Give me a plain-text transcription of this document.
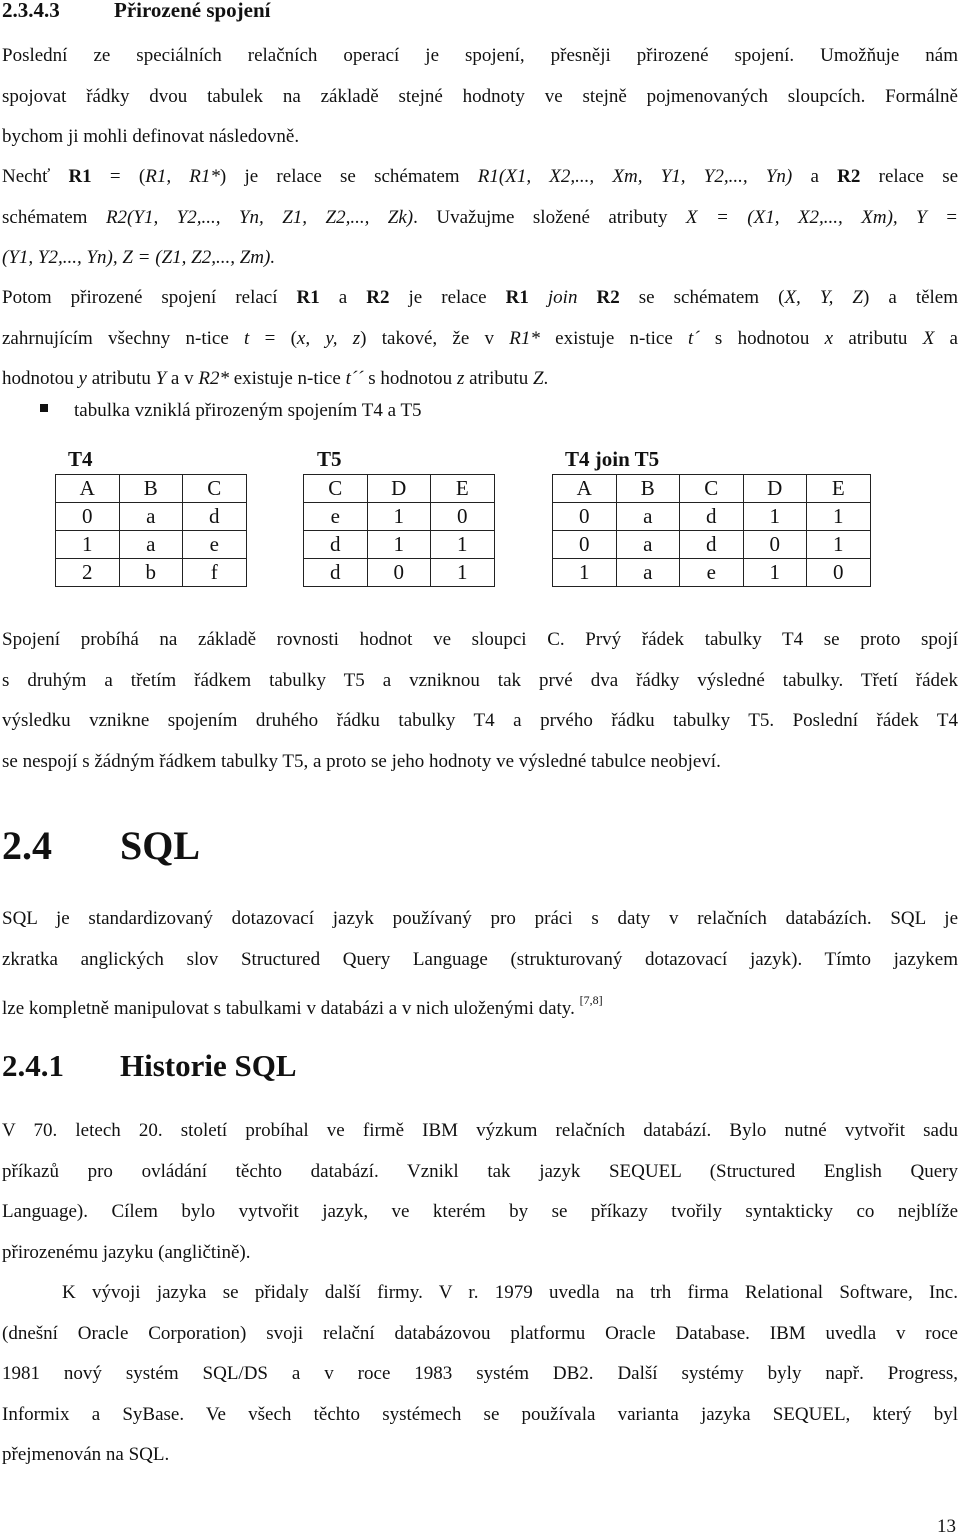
2.3.4.3	Přirozené spojení

Poslední ze speciálních relačních operací je spojení, přesněji přirozené spojení. Umožňuje nám
spojovat řádky dvou tabulek na základě stejné hodnoty ve stejně pojmenovaných sloupcích. Formálně
bychom ji mohli definovat následovně.

Nechť R1 = (R1, R1*) je relace se schématem R1(X1, X2,..., Xm, Y1, Y2,..., Yn) a R2 relace se
schématem R2(Y1, Y2,..., Yn, Z1, Z2,..., Zk). Uvažujme složené atributy X = (X1, X2,..., Xm), Y =
(Y1, Y2,..., Yn), Z = (Z1, Z2,..., Zm).

Potom přirozené spojení relací R1 a R2 je relace R1 join R2 se schématem (X, Y, Z) a tělem
zahrnujícím všechny n-tice t = (x, y, z) takové, že v R1* existuje n-tice t´ s hodnotou x atributu X a
hodnotou y atributu Y a v R2* existuje n-tice t´´ s hodnotou z atributu Z.

tabulka vzniklá přirozeným spojením T4 a T5
T4	T5	T4 join T5
A	B	C
0	a	d
1	a	e
2	b	f
C	D	E
e	1	0
d	1	1
d	0	1
A	B	C	D	E
0	a	d	1	1
0	a	d	0	1
1	a	e	1	0

Spojení probíhá na základě rovnosti hodnot ve sloupci C. Prvý řádek tabulky T4 se proto spojí
s druhým a třetím řádkem tabulky T5 a vzniknou tak prvé dva řádky výsledné tabulky. Třetí řádek
výsledku vznikne spojením druhého řádku tabulky T4 a prvého řádku tabulky T5. Poslední řádek T4
se nespojí s žádným řádkem tabulky T5, a proto se jeho hodnoty ve výsledné tabulce neobjeví.

2.4 SQL

SQL je standardizovaný dotazovací jazyk používaný pro práci s daty v relačních databázích. SQL je
zkratka anglických slov Structured Query Language (strukturovaný dotazovací jazyk). Tímto jazykem
lze kompletně manipulovat s tabulkami v databázi a v nich uloženými daty. [7,8]

2.4.1 Historie SQL

V 70. letech 20. století probíhal ve firmě IBM výzkum relačních databází. Bylo nutné vytvořit sadu
příkazů pro ovládání těchto databází. Vznikl tak jazyk SEQUEL (Structured English Query
Language). Cílem bylo vytvořit jazyk, ve kterém by se příkazy tvořily syntakticky co nejblíže
přirozenému jazyku (angličtině).

K vývoji jazyka se přidaly další firmy. V r. 1979 uvedla na trh firma Relational Software, Inc.
(dnešní Oracle Corporation) svoji relační databázovou platformu Oracle Database. IBM uvedla v roce
1981 nový systém SQL/DS a v roce 1983 systém DB2. Další systémy byly např. Progress,
Informix a SyBase. Ve všech těchto systémech se používala varianta jazyka SEQUEL, který byl
přejmenován na SQL.

13
